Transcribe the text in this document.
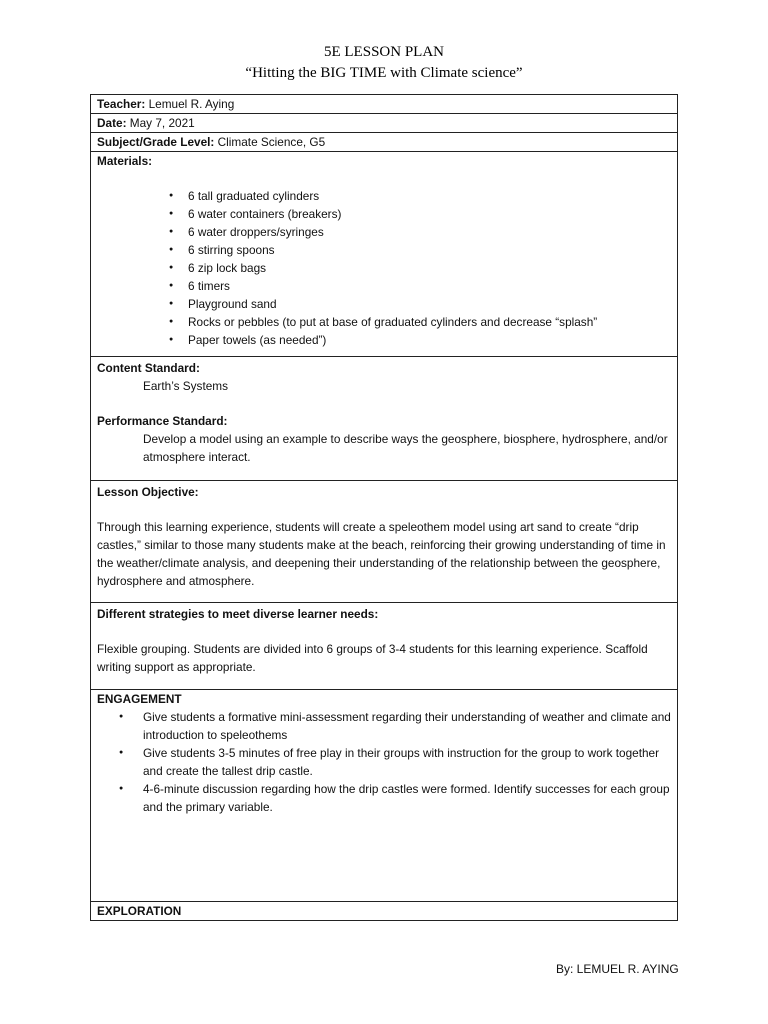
5E LESSON PLAN
“Hitting the BIG TIME with Climate science”
Teacher: Lemuel R. Aying
Date: May 7, 2021
Subject/Grade Level: Climate Science, G5

Materials:
● 6 tall graduated cylinders
● 6 water containers (breakers)
● 6 water droppers/syringes
● 6 stirring spoons
● 6 zip lock bags
● 6 timers
● Playground sand
● Rocks or pebbles (to put at base of graduated cylinders and decrease “splash”
● Paper towels (as needed”)

Content Standard:
Earth’s Systems
Performance Standard:
Develop a model using an example to describe ways the geosphere, biosphere, hydrosphere, and/or atmosphere interact.

Lesson Objective:
Through this learning experience, students will create a speleothem model using art sand to create “drip castles,” similar to those many students make at the beach, reinforcing their growing understanding of time in the weather/climate analysis, and deepening their understanding of the relationship between the geosphere, hydrosphere and atmosphere.

Different strategies to meet diverse learner needs:
Flexible grouping. Students are divided into 6 groups of 3-4 students for this learning experience. Scaffold writing support as appropriate.

ENGAGEMENT
● Give students a formative mini-assessment regarding their understanding of weather and climate and introduction to speleothems
● Give students 3-5 minutes of free play in their groups with instruction for the group to work together and create the tallest drip castle.
● 4-6-minute discussion regarding how the drip castles were formed. Identify successes for each group and the primary variable.

EXPLORATION
By: LEMUEL R. AYING
